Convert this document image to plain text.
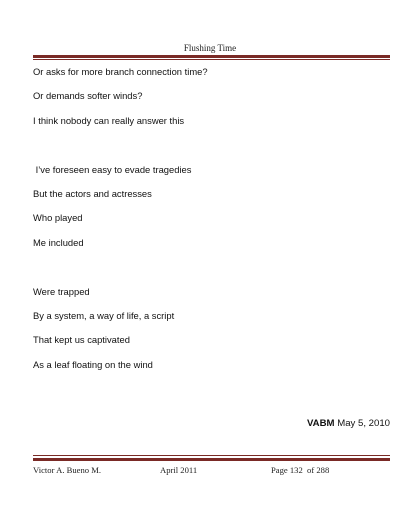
Flushing Time
Or asks for more branch connection time?
Or demands softer winds?
I think nobody can really answer this
I’ve foreseen easy to evade tragedies
But the actors and actresses
Who played
Me included
Were trapped
By a system, a way of life, a script
That kept us captivated
As a leaf floating on the wind
VABM May 5, 2010
Victor A. Bueno M.	April 2011	Page 132  of 288
